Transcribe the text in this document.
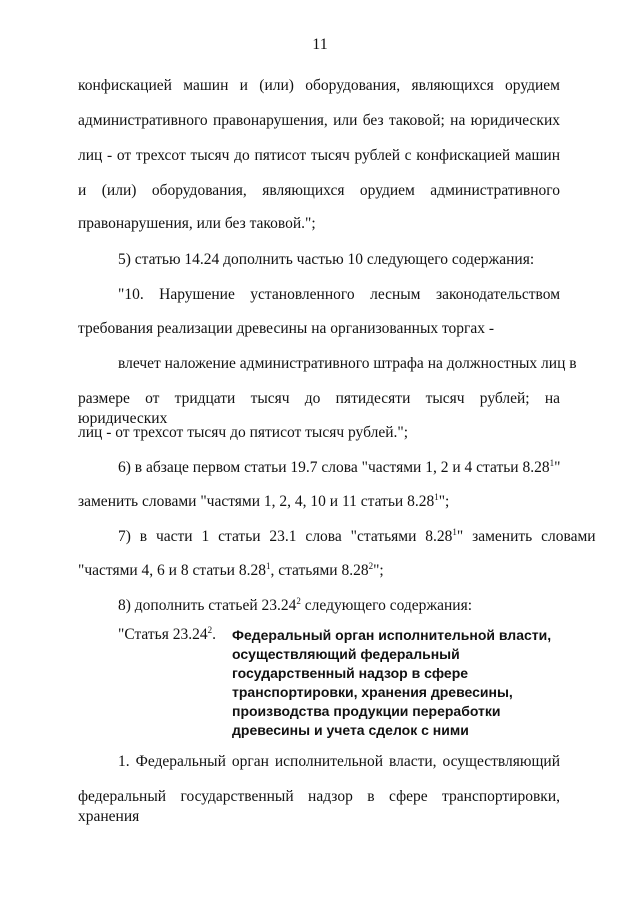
11
конфискацией машин и (или) оборудования, являющихся орудием
административного правонарушения, или без таковой; на юридических
лиц - от трехсот тысяч до пятисот тысяч рублей с конфискацией машин
и (или) оборудования, являющихся орудием административного
правонарушения, или без таковой.";
5) статью 14.24 дополнить частью 10 следующего содержания:
"10. Нарушение установленного лесным законодательством
требования реализации древесины на организованных торгах -
влечет наложение административного штрафа на должностных лиц в
размере от тридцати тысяч до пятидесяти тысяч рублей; на юридических
лиц - от трехсот тысяч до пятисот тысяч рублей.";
6) в абзаце первом статьи 19.7 слова "частями 1, 2 и 4 статьи 8.28$^1$"
заменить словами "частями 1, 2, 4, 10 и 11 статьи 8.28$^1$";
7) в части 1 статьи 23.1 слова "статьями 8.28$^1$" заменить словами
"частями 4, 6 и 8 статьи 8.28$^1$, статьями 8.28$^2$";
8) дополнить статьей 23.24$^2$ следующего содержания:
"Статья 23.24$^2$. Федеральный орган исполнительной власти,
осуществляющий федеральный
государственный надзор в сфере
транспортировки, хранения древесины,
производства продукции переработки
древесины и учета сделок с ними
1. Федеральный орган исполнительной власти, осуществляющий
федеральный государственный надзор в сфере транспортировки, хранения
